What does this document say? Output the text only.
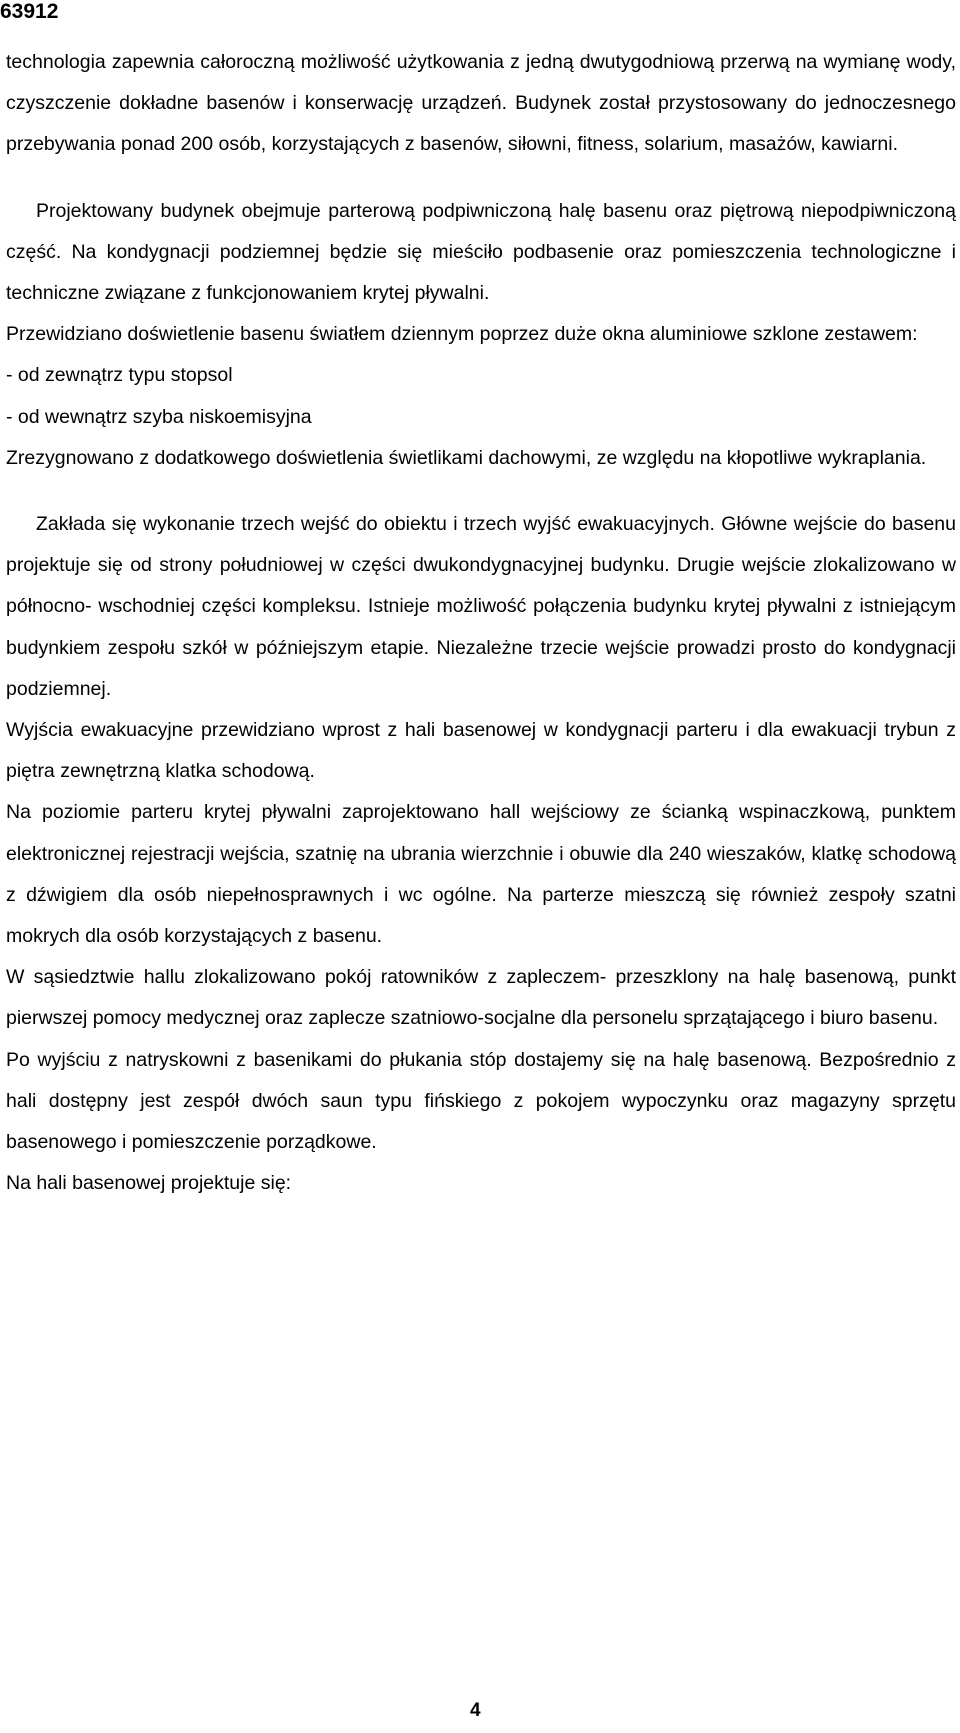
63912

technologia zapewnia całoroczną możliwość użytkowania z jedną dwutygodniową przerwą na wymianę wody, czyszczenie dokładne basenów i konserwację urządzeń. Budynek został przystosowany do jednoczesnego przebywania ponad 200 osób, korzystających z basenów, siłowni, fitness, solarium, masażów, kawiarni.

Projektowany budynek obejmuje parterową podpiwniczoną halę basenu oraz piętrową niepodpiwniczoną część. Na kondygnacji podziemnej będzie się mieściło podbasenie oraz pomieszczenia technologiczne i techniczne związane z funkcjonowaniem krytej pływalni.

Przewidziano doświetlenie basenu światłem dziennym poprzez duże okna aluminiowe szklone zestawem:

- od zewnątrz typu stopsol

- od wewnątrz szyba niskoemisyjna

Zrezygnowano z dodatkowego doświetlenia świetlikami dachowymi, ze względu na kłopotliwe wykraplania.

Zakłada się wykonanie trzech wejść do obiektu i trzech wyjść ewakuacyjnych. Główne wejście do basenu projektuje się od strony południowej w części dwukondygnacyjnej budynku. Drugie wejście zlokalizowano w północno- wschodniej części kompleksu. Istnieje możliwość połączenia budynku krytej pływalni z istniejącym budynkiem zespołu szkół w późniejszym etapie. Niezależne trzecie wejście prowadzi prosto do kondygnacji podziemnej.

Wyjścia ewakuacyjne przewidziano wprost z hali basenowej w kondygnacji parteru i dla ewakuacji trybun z piętra zewnętrzną klatka schodową.

Na poziomie parteru krytej pływalni zaprojektowano hall wejściowy ze ścianką wspinaczkową, punktem elektronicznej rejestracji wejścia, szatnię na ubrania wierzchnie i obuwie dla 240 wieszaków, klatkę schodową z dźwigiem dla osób niepełnosprawnych i wc ogólne. Na parterze mieszczą się również zespoły szatni mokrych dla osób korzystających z basenu.

W sąsiedztwie hallu zlokalizowano pokój ratowników z zapleczem- przeszklony na halę basenową, punkt pierwszej pomocy medycznej oraz zaplecze szatniowo-socjalne dla personelu sprzątającego i biuro basenu.

Po wyjściu z natryskowni z basenikami do płukania stóp dostajemy się na halę basenową. Bezpośrednio z hali dostępny jest zespół dwóch saun typu fińskiego z pokojem wypoczynku oraz magazyny sprzętu basenowego i pomieszczenie porządkowe.

Na hali basenowej projektuje się:

4
